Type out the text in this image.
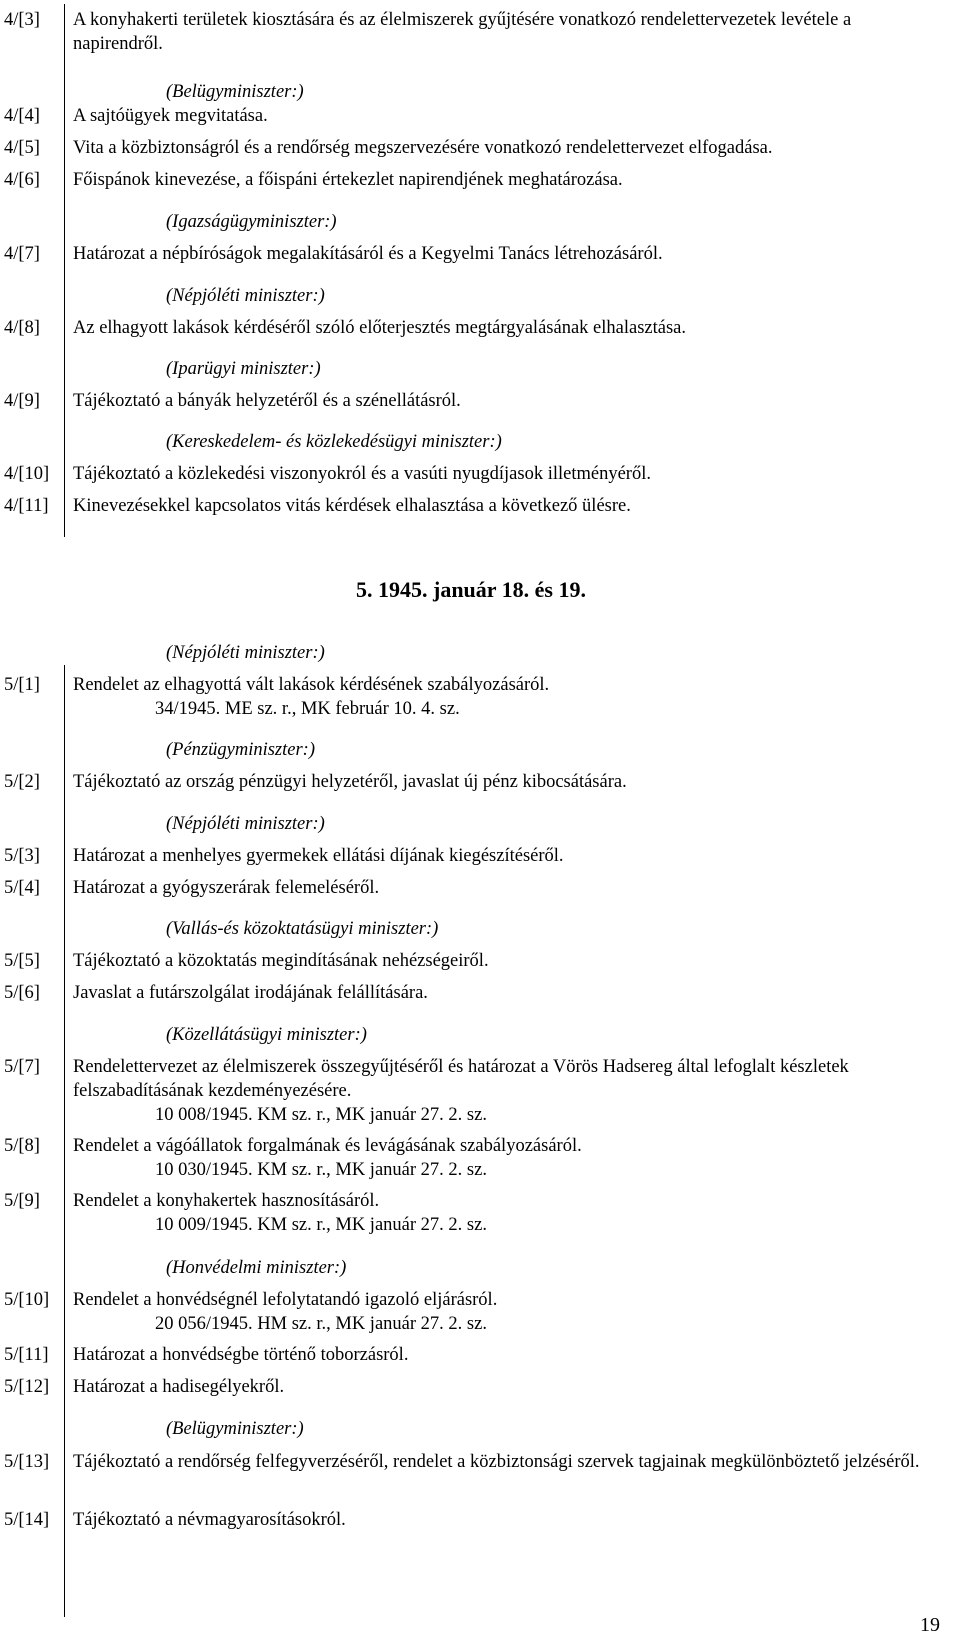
4/[3]	A konyhakerti területek kiosztására és az élelmiszerek gyűjtésére vonatkozó rendelettervezetek levétele a napirendről.
(Belügyminiszter:)
4/[4]	A sajtóügyek megvitatása.
4/[5]	Vita a közbiztonságról és a rendőrség megszervezésére vonatkozó rendelettervezet elfogadása.
4/[6]	Főispánok kinevezése, a főispáni értekezlet napirendjének meghatározása.
(Igazságügyminiszter:)
4/[7]	Határozat a népbíróságok megalakításáról és a Kegyelmi Tanács létrehozásáról.
(Népjóléti miniszter:)
4/[8]	Az elhagyott lakások kérdéséről szóló előterjesztés megtárgyalásának elhalasztása.
(Iparügyi miniszter:)
4/[9]	Tájékoztató a bányák helyzetéről és a szénellátásról.
(Kereskedelem- és közlekedésügyi miniszter:)
4/[10]	Tájékoztató a közlekedési viszonyokról és a vasúti nyugdíjasok illetményéről.
4/[11]	Kinevezésekkel kapcsolatos vitás kérdések elhalasztása a következő ülésre.
5. 1945. január 18. és 19.
(Népjóléti miniszter:)
5/[1]	Rendelet az elhagyottá vált lakások kérdésének szabályozásáról.
34/1945. ME sz. r., MK február 10. 4. sz.
(Pénzügyminiszter:)
5/[2]	Tájékoztató az ország pénzügyi helyzetéről, javaslat új pénz kibocsátására.
(Népjóléti miniszter:)
5/[3]	Határozat a menhelyes gyermekek ellátási díjának kiegészítéséről.
5/[4]	Határozat a gyógyszerárak felemeléséről.
(Vallás-és közoktatásügyi miniszter:)
5/[5]	Tájékoztató a közoktatás megindításának nehézségeiről.
5/[6]	Javaslat a futárszolgálat irodájának felállítására.
(Közellátásügyi miniszter:)
5/[7]	Rendelettervezet az élelmiszerek összegyűjtéséről és határozat a Vörös Hadsereg által lefoglalt készletek felszabadításának kezdeményezésére.
10 008/1945. KM sz. r., MK január 27. 2. sz.
5/[8]	Rendelet a vágóállatok forgalmának és levágásának szabályozásáról.
10 030/1945. KM sz. r., MK január 27. 2. sz.
5/[9]	Rendelet a konyhakertek hasznosításáról.
10 009/1945. KM sz. r., MK január 27. 2. sz.
(Honvédelmi miniszter:)
5/[10]	Rendelet a honvédségnél lefolytatandó igazoló eljárásról.
20 056/1945. HM sz. r., MK január 27. 2. sz.
5/[11]	Határozat a honvédségbe történő toborzásról.
5/[12]	Határozat a hadisegélyekről.
(Belügyminiszter:)
5/[13]	Tájékoztató a rendőrség felfegyverzéséről, rendelet a közbiztonsági szervek tagjainak megkülönböztető jelzéséről.
5/[14]	Tájékoztató a névmagyarosításokról.
19
